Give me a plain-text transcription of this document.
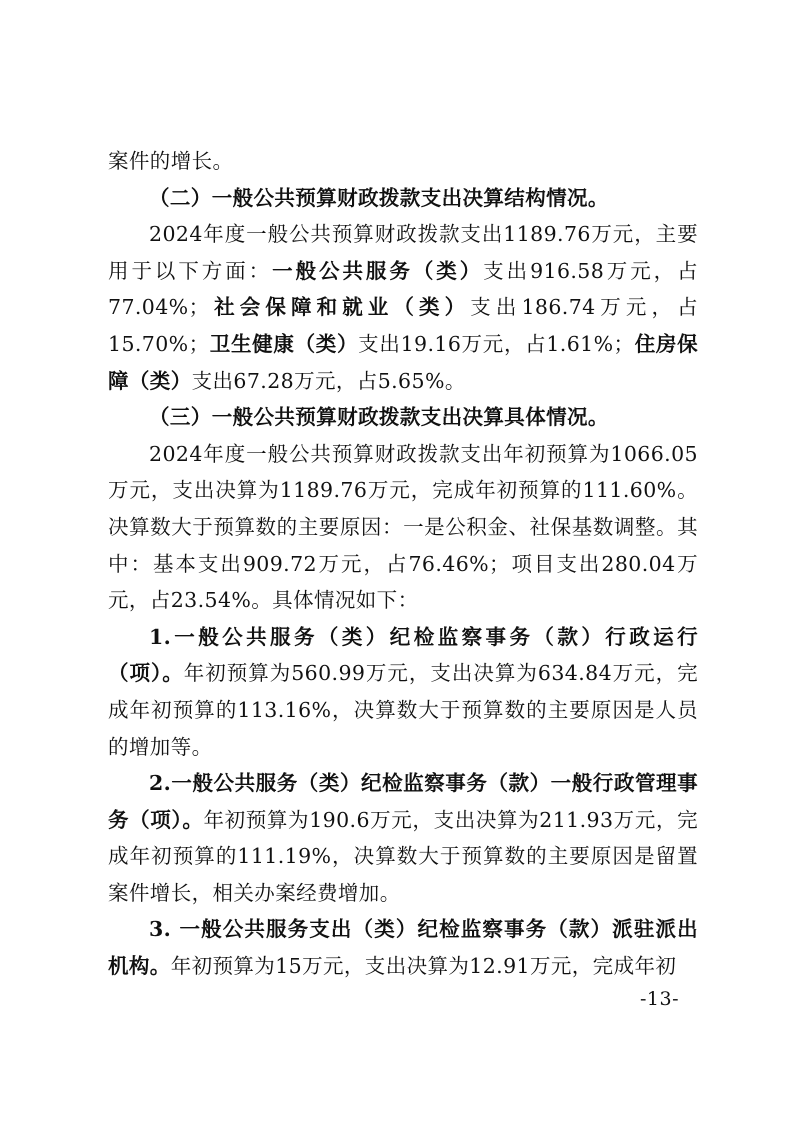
案件的增长。

（二）一般公共预算财政拨款支出决算结构情况。

2024年度一般公共预算财政拨款支出1189.76万元，主要用于以下方面：一般公共服务（类）支出916.58万元，占77.04%；社会保障和就业（类）支出186.74万元，占15.70%；卫生健康（类）支出19.16万元，占1.61%；住房保障（类）支出67.28万元，占5.65%。

（三）一般公共预算财政拨款支出决算具体情况。

2024年度一般公共预算财政拨款支出年初预算为1066.05万元，支出决算为1189.76万元，完成年初预算的111.60%。决算数大于预算数的主要原因：一是公积金、社保基数调整。其中：基本支出909.72万元，占76.46%；项目支出280.04万元，占23.54%。具体情况如下：

1.一般公共服务（类）纪检监察事务（款）行政运行（项）。年初预算为560.99万元，支出决算为634.84万元，完成年初预算的113.16%，决算数大于预算数的主要原因是人员的增加等。

2.一般公共服务（类）纪检监察事务（款）一般行政管理事务（项）。年初预算为190.6万元，支出决算为211.93万元，完成年初预算的111.19%，决算数大于预算数的主要原因是留置案件增长，相关办案经费增加。

3. 一般公共服务支出（类）纪检监察事务（款）派驻派出机构。年初预算为15万元，支出决算为12.91万元，完成年初

-13-
